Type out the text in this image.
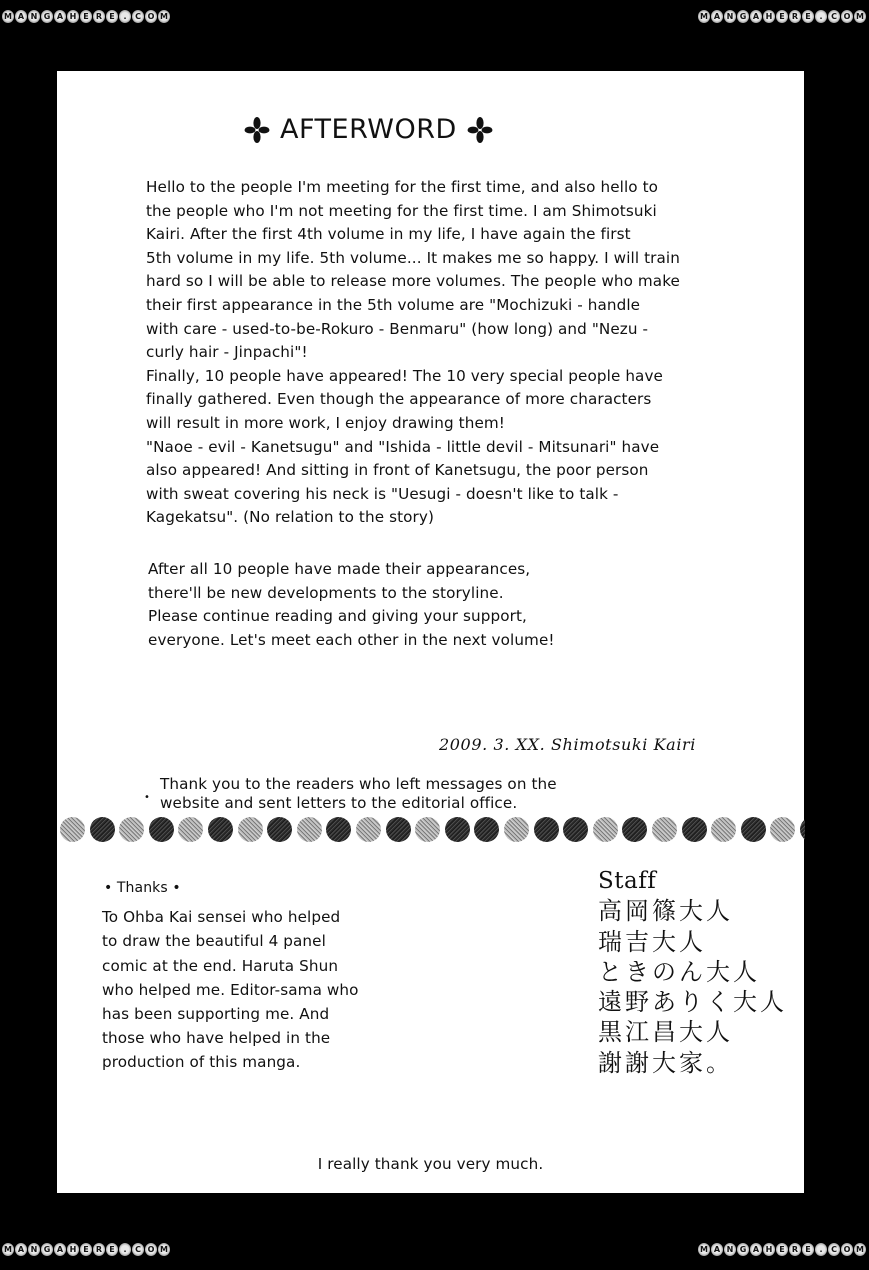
M A N G A H E R E	.	C O M	M A N G A H E R E	.	C O M
M A N G A H E R E	.	C O M	M A N G A H E R E	.	C O M
AFTERWORD
Hello to the people I'm meeting for the first time, and also hello to
the people who I'm not meeting for the first time. I am Shimotsuki
Kairi. After the first 4th volume in my life, I have again the first
5th volume in my life. 5th volume... It makes me so happy. I will train
hard so I will be able to release more volumes. The people who make
their first appearance in the 5th volume are "Mochizuki - handle
with care - used-to-be-Rokuro - Benmaru" (how long) and "Nezu -
curly hair - Jinpachi"!
Finally, 10 people have appeared! The 10 very special people have
finally gathered. Even though the appearance of more characters
will result in more work, I enjoy drawing them!
"Naoe - evil - Kanetsugu" and "Ishida - little devil - Mitsunari" have
also appeared! And sitting in front of Kanetsugu, the poor person
with sweat covering his neck is "Uesugi - doesn't like to talk -
Kagekatsu". (No relation to the story)
After all 10 people have made their appearances,
there'll be new developments to the storyline.
Please continue reading and giving your support,
everyone. Let's meet each other in the next volume!
2009. 3. XX. Shimotsuki Kairi
•
Thank you to the readers who left messages on the
website and sent letters to the editorial office.
• Thanks •
To Ohba Kai sensei who helped
to draw the beautiful 4 panel
comic at the end. Haruta Shun
who helped me. Editor-sama who
has been supporting me. And
those who have helped in the
production of this manga.
Staff
高岡篠大人
瑞吉大人
ときのん大人
遠野ありく大人
黒江昌大人
謝謝大家。
I really thank you very much.
